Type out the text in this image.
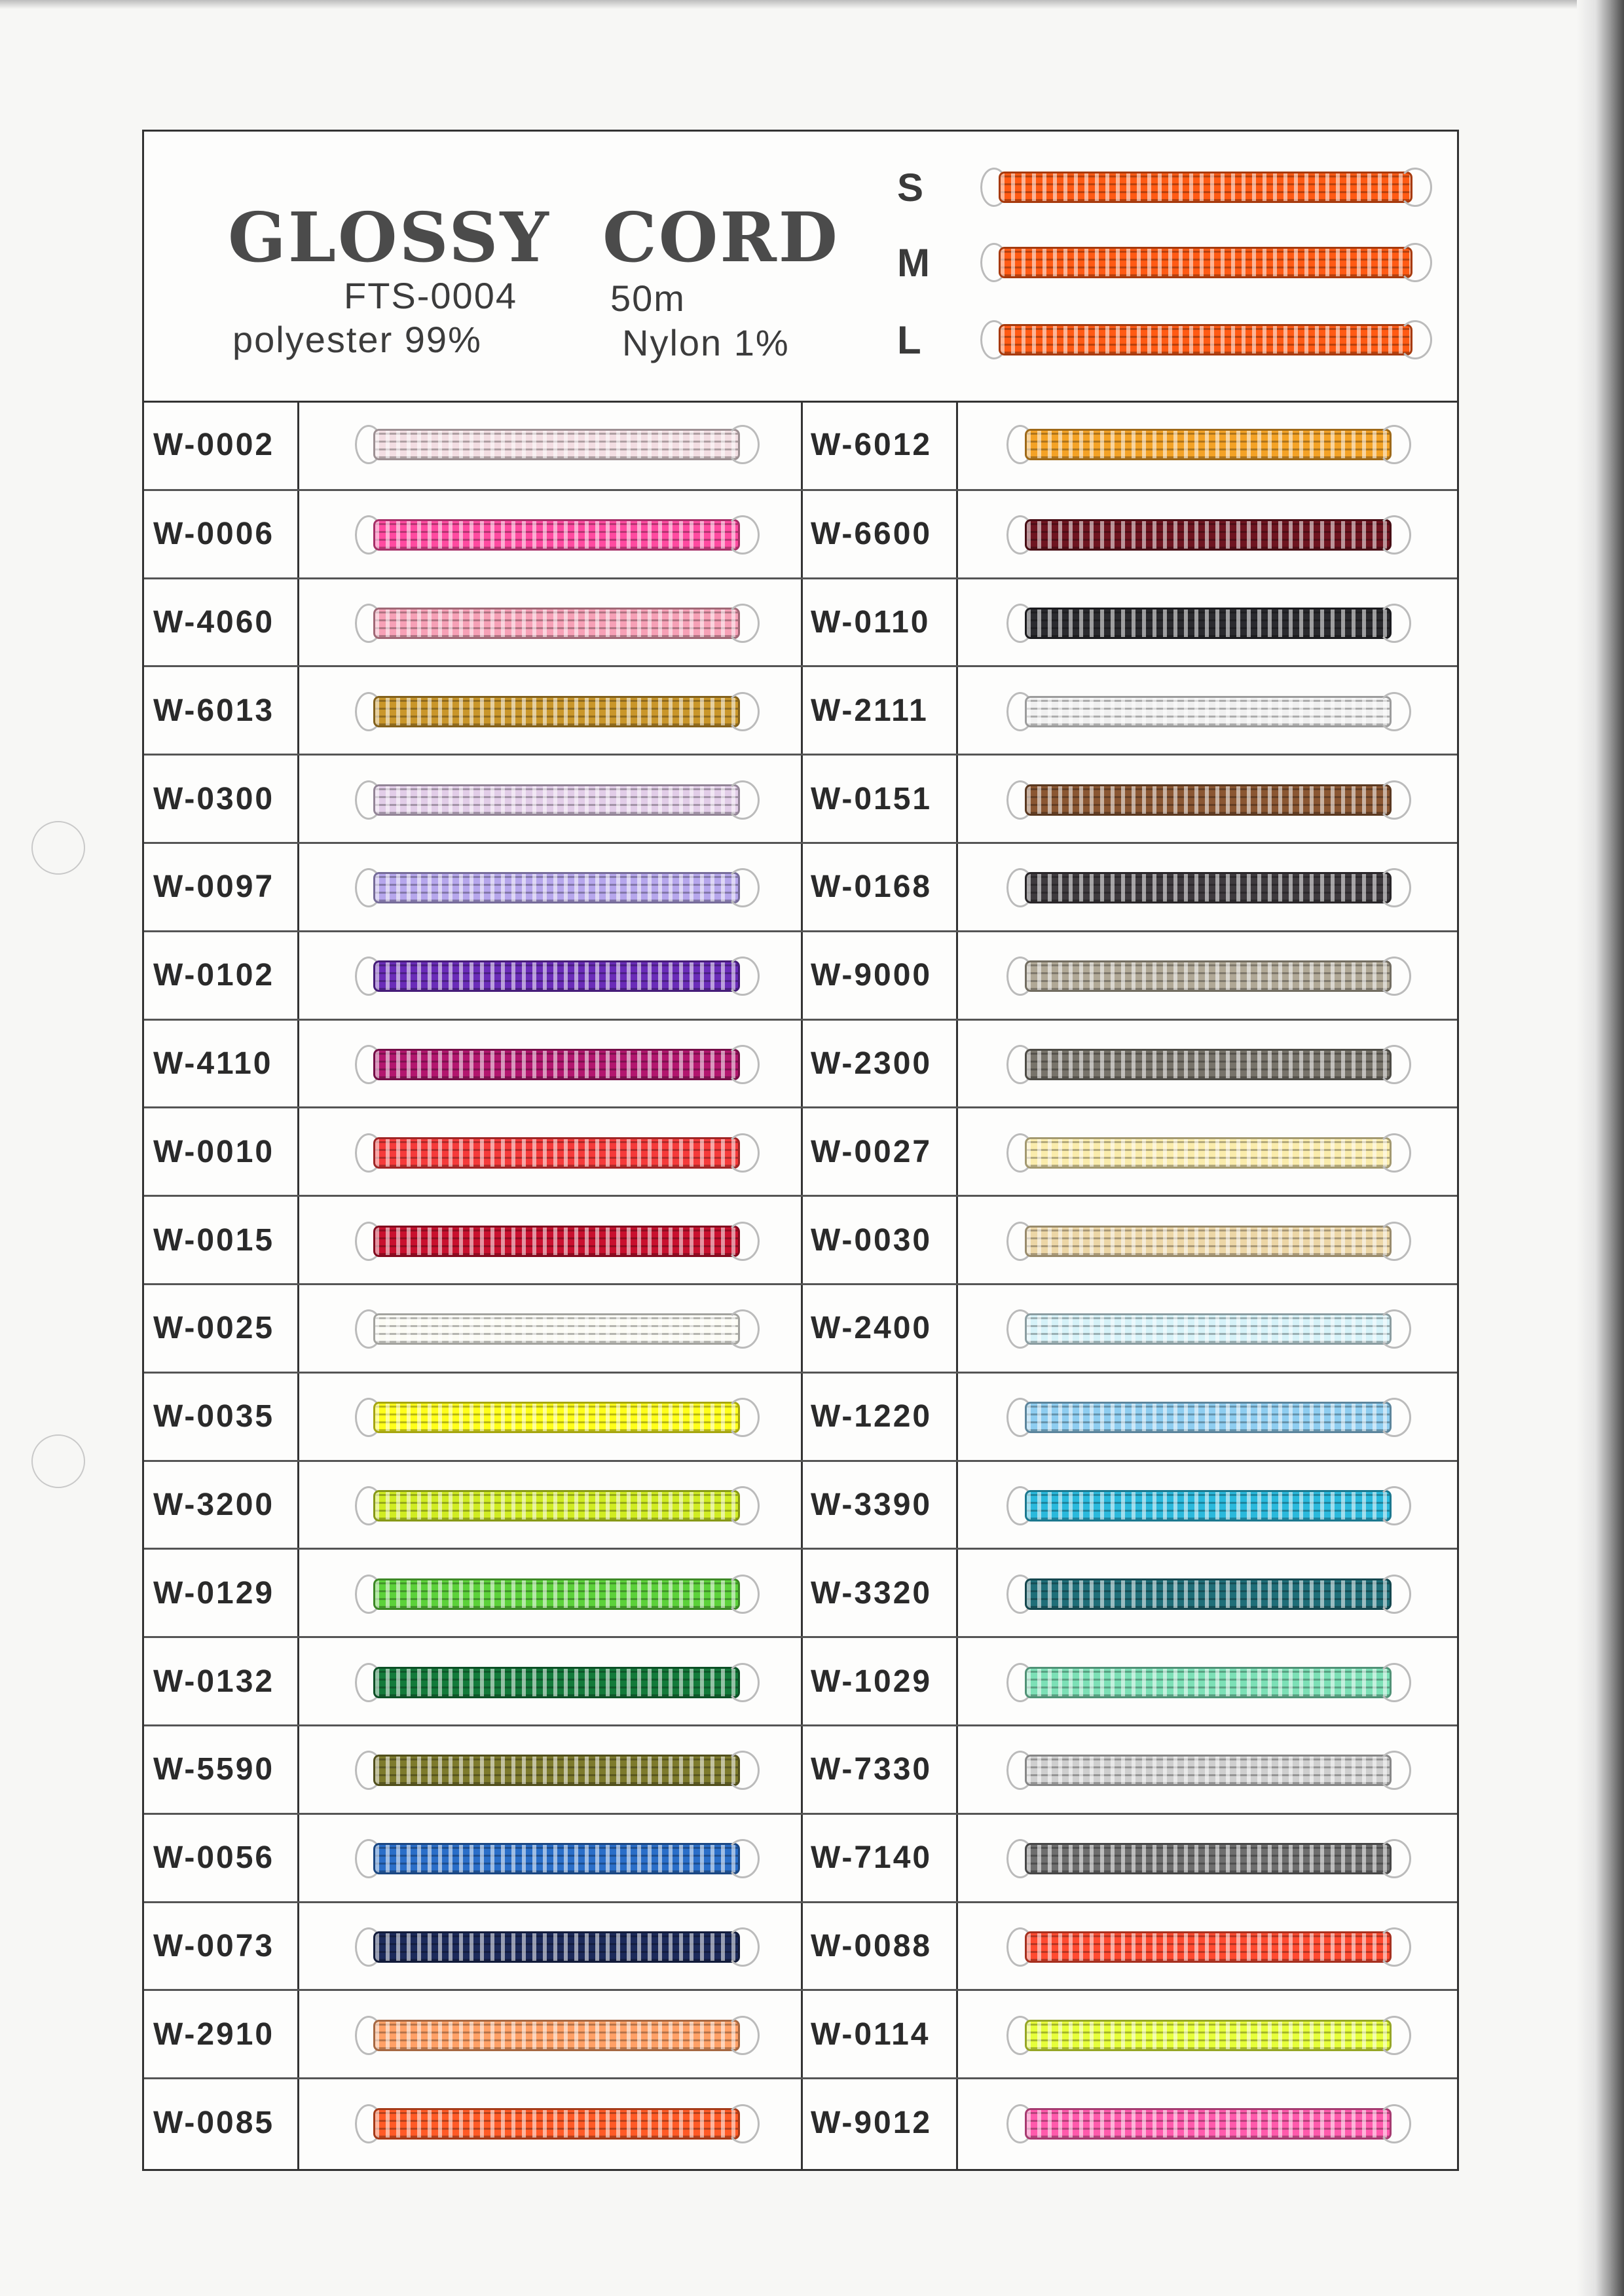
GLOSSY CORD
FTS-0004	50m
polyester 99%	Nylon 1%
S
M
L
W-0002	W-6012
W-0006	W-6600
W-4060	W-0110
W-6013	W-2111
W-0300	W-0151
W-0097	W-0168
W-0102	W-9000
W-4110	W-2300
W-0010	W-0027
W-0015	W-0030
W-0025	W-2400
W-0035	W-1220
W-3200	W-3390
W-0129	W-3320
W-0132	W-1029
W-5590	W-7330
W-0056	W-7140
W-0073	W-0088
W-2910	W-0114
W-0085	W-9012
